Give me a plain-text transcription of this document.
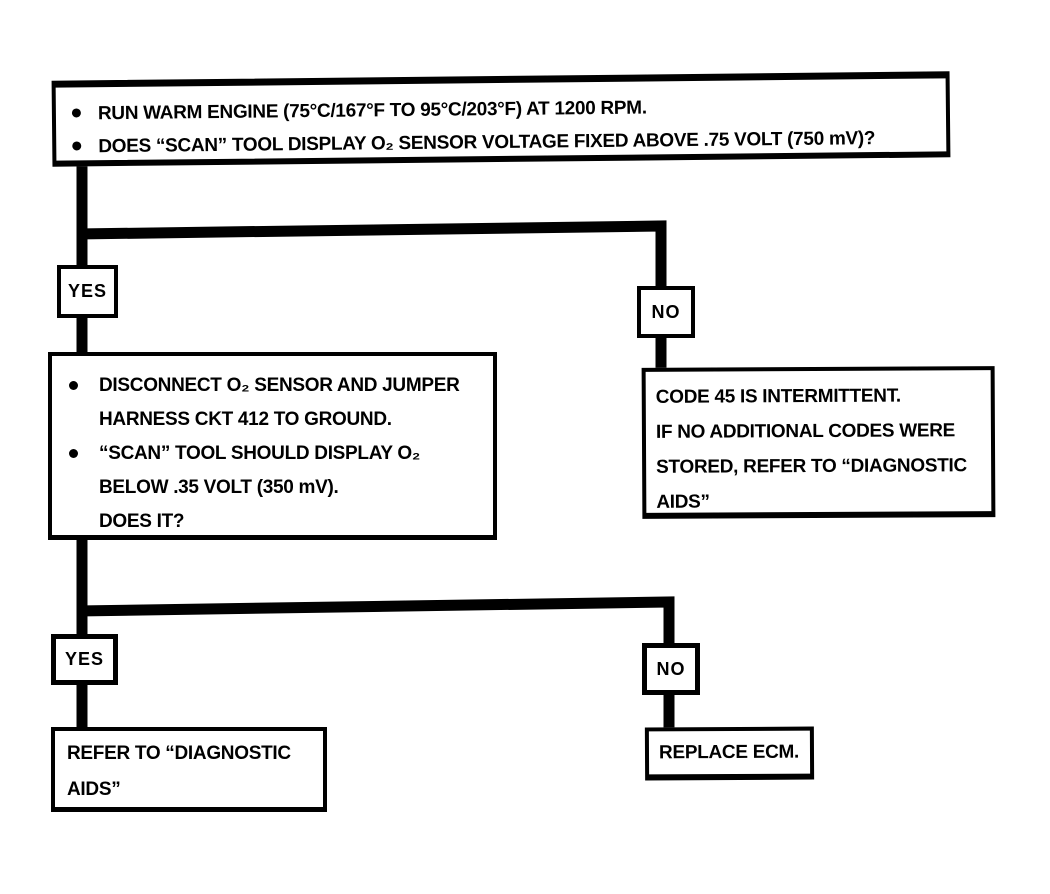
RUN WARM ENGINE (75°C/167°F TO 95°C/203°F) AT 1200 RPM.
DOES “SCAN” TOOL DISPLAY O₂ SENSOR VOLTAGE FIXED ABOVE .75 VOLT (750 mV)?
YES
NO
DISCONNECT O₂ SENSOR AND JUMPER
HARNESS CKT 412 TO GROUND.
“SCAN” TOOL SHOULD DISPLAY O₂
BELOW .35 VOLT (350 mV).
DOES IT?
CODE 45 IS INTERMITTENT.
IF NO ADDITIONAL CODES WERE
STORED, REFER TO “DIAGNOSTIC
AIDS”
YES	NO
REFER TO “DIAGNOSTIC
AIDS”
REPLACE ECM.
